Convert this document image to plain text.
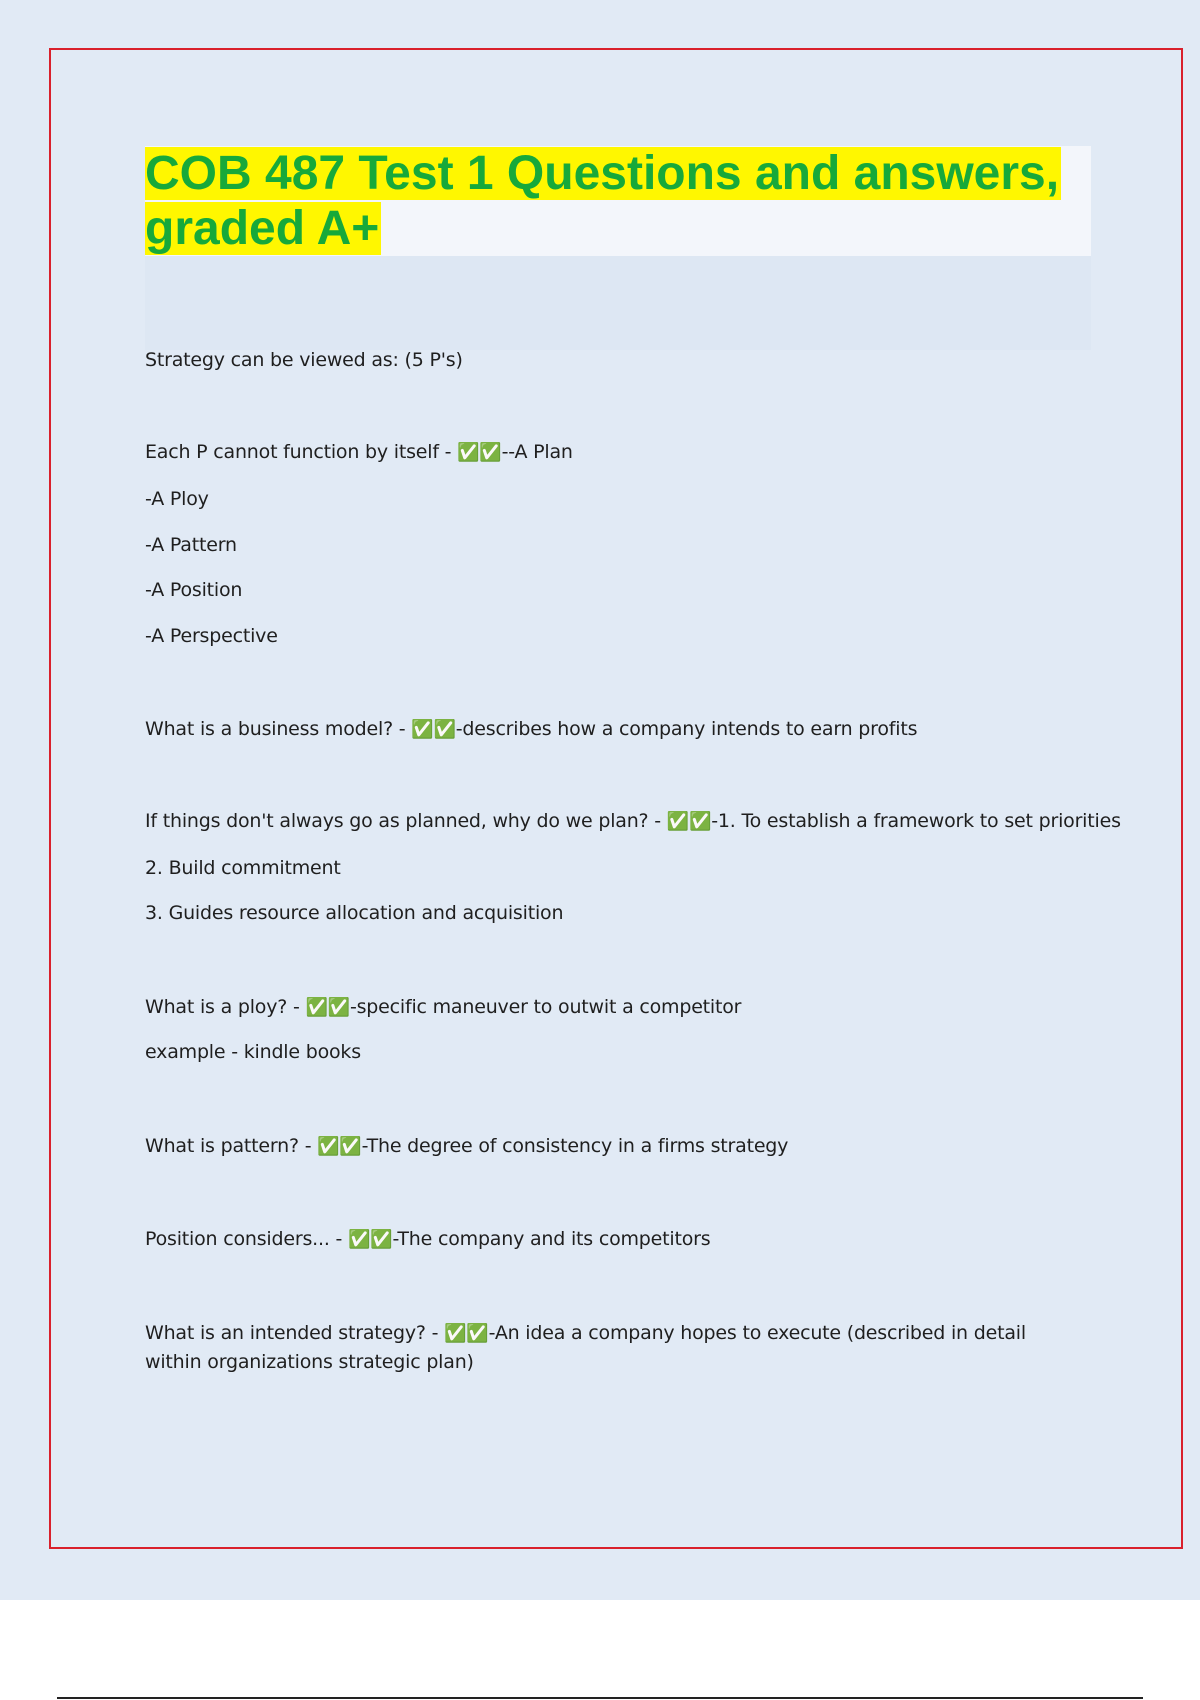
COB 487 Test 1 Questions and answers,
graded A+
Strategy can be viewed as: (5 P's)
Each P cannot function by itself - ✅✅--A Plan
-A Ploy
-A Pattern
-A Position
-A Perspective
What is a business model? - ✅✅-describes how a company intends to earn profits
If things don't always go as planned, why do we plan? - ✅✅-1. To establish a framework to set priorities
2. Build commitment
3. Guides resource allocation and acquisition
What is a ploy? - ✅✅-specific maneuver to outwit a competitor
example - kindle books
What is pattern? - ✅✅-The degree of consistency in a firms strategy
Position considers... - ✅✅-The company and its competitors
What is an intended strategy? - ✅✅-An idea a company hopes to execute (described in detail within organizations strategic plan)
